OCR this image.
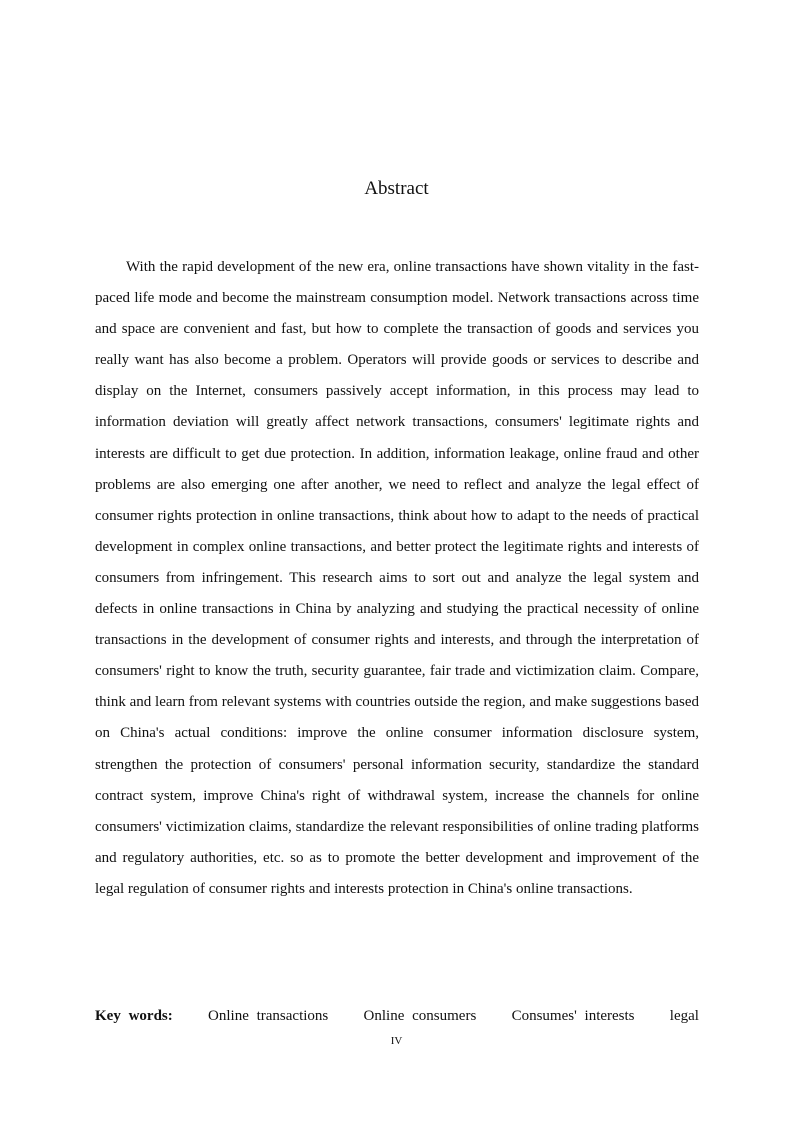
Abstract

With the rapid development of the new era, online transactions have shown vitality in the fast-paced life mode and become the mainstream consumption model. Network transactions across time and space are convenient and fast, but how to complete the transaction of goods and services you really want has also become a problem. Operators will provide goods or services to describe and display on the Internet, consumers passively accept information, in this process may lead to information deviation will greatly affect network transactions, consumers' legitimate rights and interests are difficult to get due protection. In addition, information leakage, online fraud and other problems are also emerging one after another, we need to reflect and analyze the legal effect of consumer rights protection in online transactions, think about how to adapt to the needs of practical development in complex online transactions, and better protect the legitimate rights and interests of consumers from infringement. This research aims to sort out and analyze the legal system and defects in online transactions in China by analyzing and studying the practical necessity of online transactions in the development of consumer rights and interests, and through the interpretation of consumers' right to know the truth, security guarantee, fair trade and victimization claim. Compare, think and learn from relevant systems with countries outside the region, and make suggestions based on China's actual conditions: improve the online consumer information disclosure system, strengthen the protection of consumers' personal information security, standardize the standard contract system, improve China's right of withdrawal system, increase the channels for online consumers' victimization claims, standardize the relevant responsibilities of online trading platforms and regulatory authorities, etc. so as to promote the better development and improvement of the legal regulation of consumer rights and interests protection in China's online transactions.

Key words: Online transactions Online consumers Consumes' interests legal
IV
